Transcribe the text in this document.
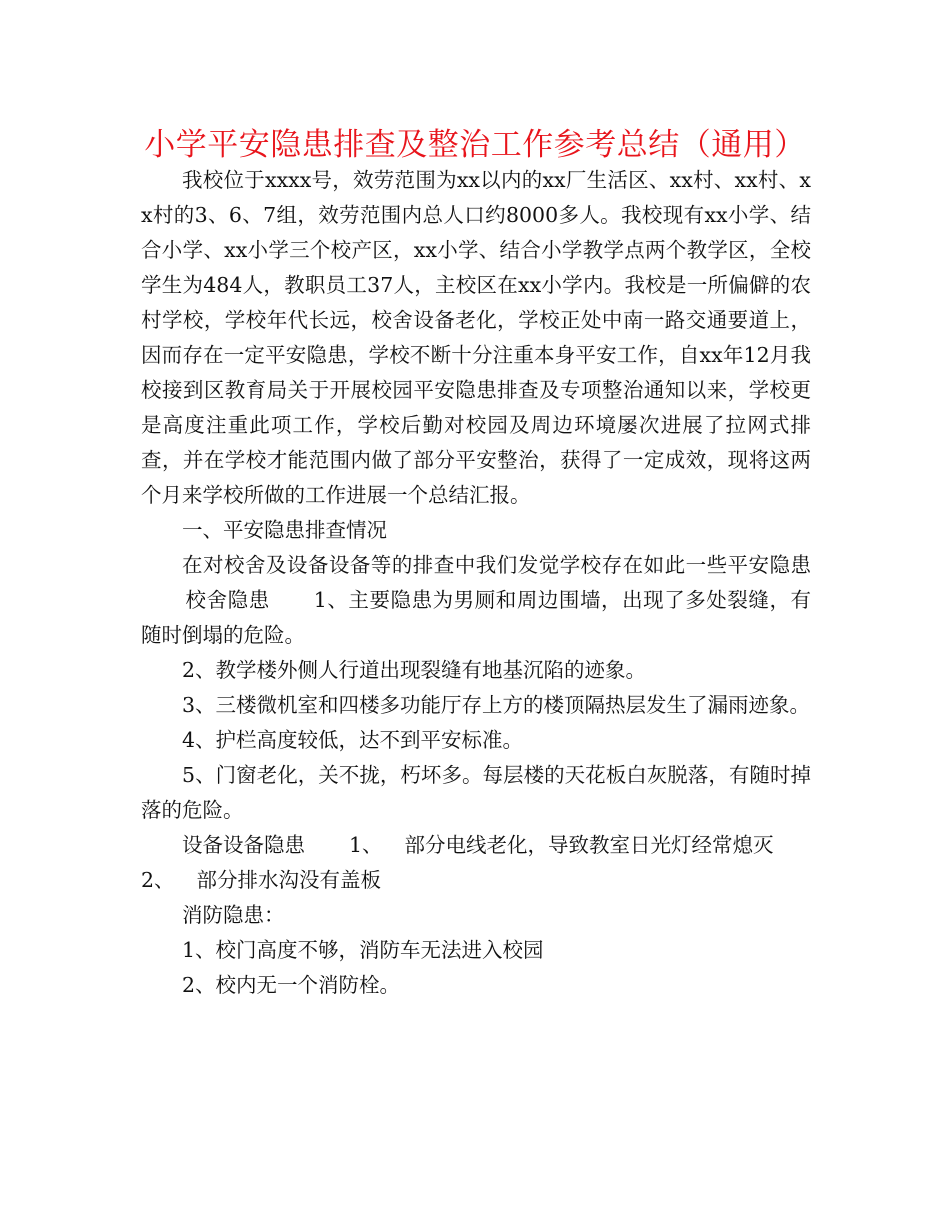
小学平安隐患排查及整治工作参考总结（通用）

我校位于xxxx号，效劳范围为xx以内的xx厂生活区、xx村、xx村、xx村的3、6、7组，效劳范围内总人口约8000多人。我校现有xx小学、结合小学、xx小学三个校产区，xx小学、结合小学教学点两个教学区，全校学生为484人，教职员工37人，主校区在xx小学内。我校是一所偏僻的农村学校，学校年代长远，校舍设备老化，学校正处中南一路交通要道上，因而存在一定平安隐患，学校不断十分注重本身平安工作，自xx年12月我校接到区教育局关于开展校园平安隐患排查及专项整治通知以来，学校更是高度注重此项工作，学校后勤对校园及周边环境屡次进展了拉网式排查，并在学校才能范围内做了部分平安整治，获得了一定成效，现将这两个月来学校所做的工作进展一个总结汇报。

一、平安隐患排查情况

在对校舍及设备设备等的排查中我们发觉学校存在如此一些平安隐患校舍隐患 1、主要隐患为男厕和周边围墙，出现了多处裂缝，有随时倒塌的危险。

2、教学楼外侧人行道出现裂缝有地基沉陷的迹象。

3、三楼微机室和四楼多功能厅存上方的楼顶隔热层发生了漏雨迹象。

4、护栏高度较低，达不到平安标准。

5、门窗老化，关不拢，朽坏多。每层楼的天花板白灰脱落，有随时掉落的危险。

设备设备隐患 1、 部分电线老化，导致教室日光灯经常熄灭

2、 部分排水沟没有盖板

消防隐患：

1、校门高度不够，消防车无法进入校园

2、校内无一个消防栓。
